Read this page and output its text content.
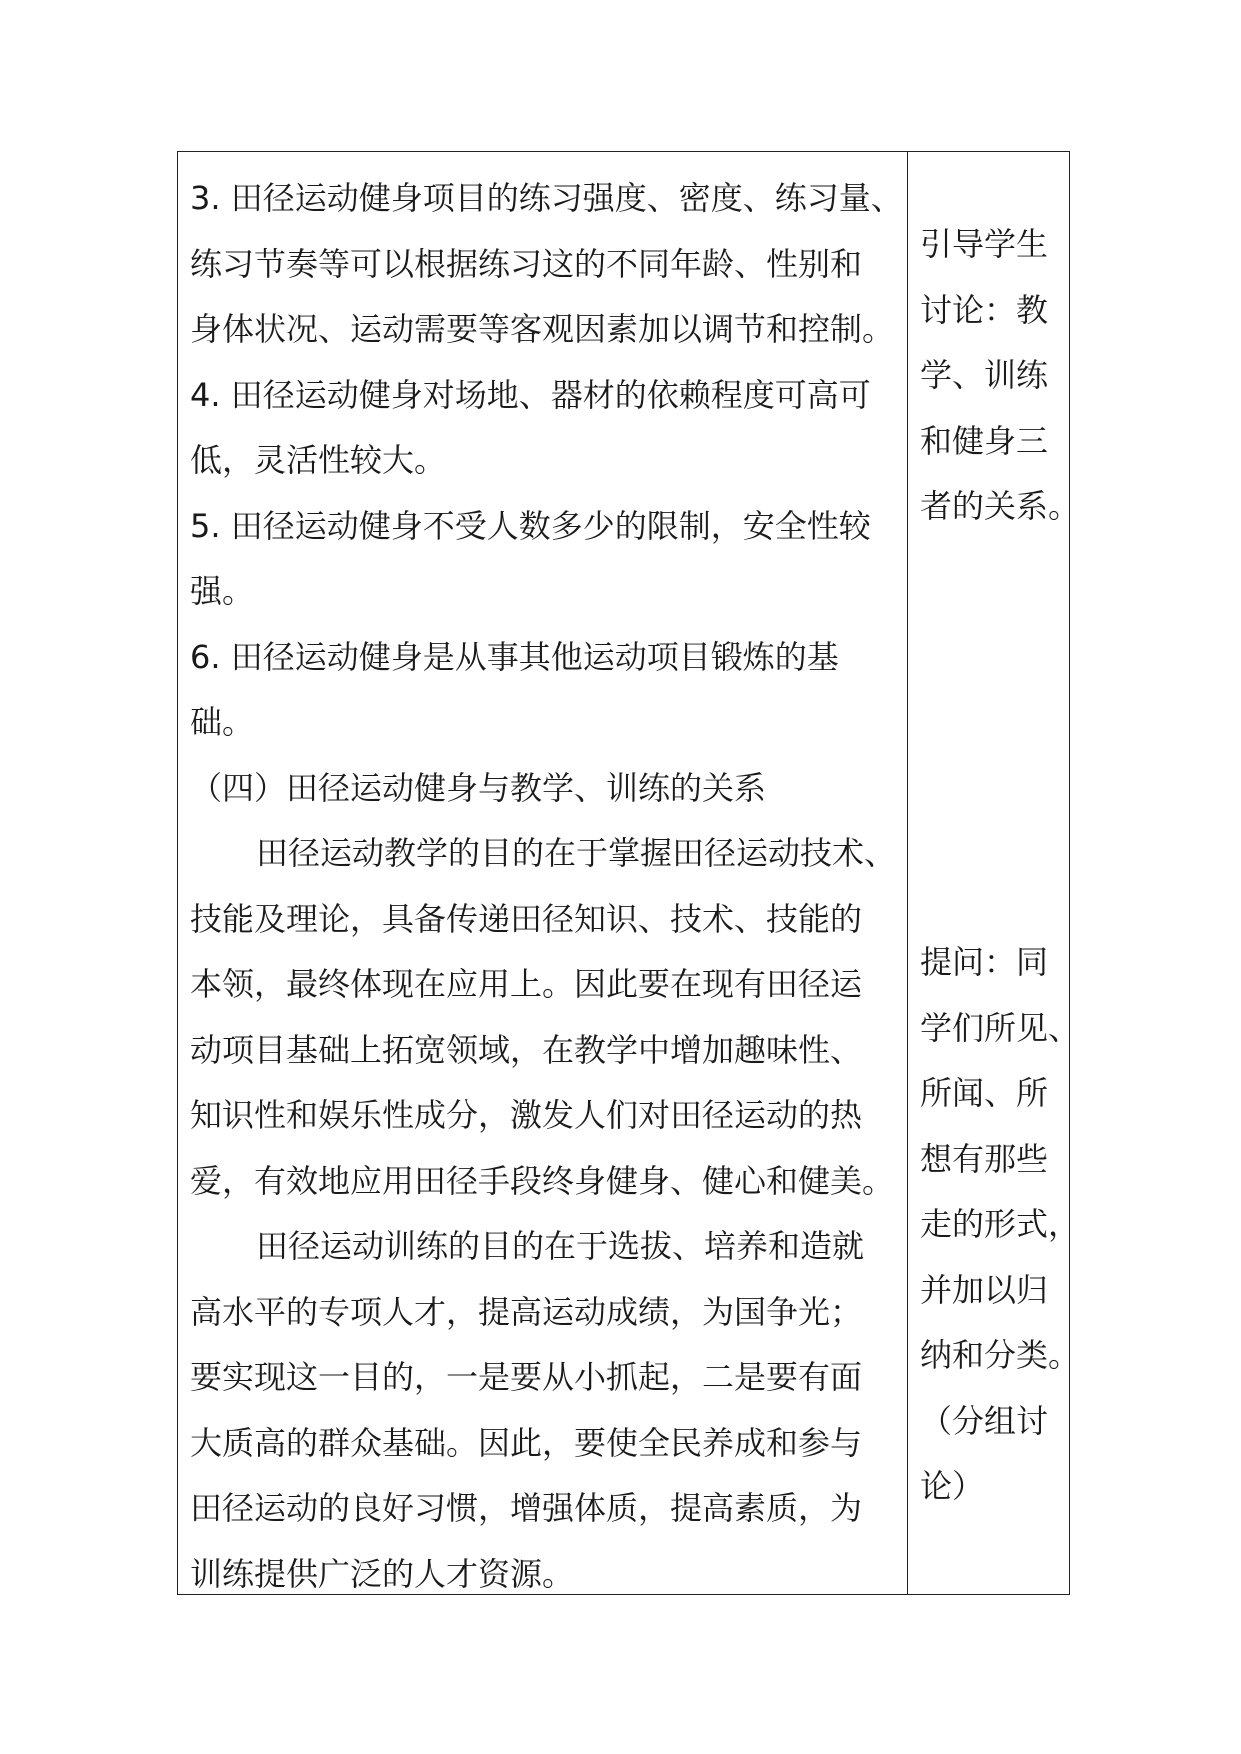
3. 田径运动健身项目的练习强度、密度、练习量、
练习节奏等可以根据练习这的不同年龄、性别和
身体状况、运动需要等客观因素加以调节和控制。
4. 田径运动健身对场地、器材的依赖程度可高可
低，灵活性较大。
5. 田径运动健身不受人数多少的限制，安全性较
强。
6. 田径运动健身是从事其他运动项目锻炼的基
础。
（四）田径运动健身与教学、训练的关系
田径运动教学的目的在于掌握田径运动技术、
技能及理论，具备传递田径知识、技术、技能的
本领，最终体现在应用上。因此要在现有田径运
动项目基础上拓宽领域，在教学中增加趣味性、
知识性和娱乐性成分，激发人们对田径运动的热
爱，有效地应用田径手段终身健身、健心和健美。
田径运动训练的目的在于选拔、培养和造就
高水平的专项人才，提高运动成绩，为国争光；
要实现这一目的，一是要从小抓起，二是要有面
大质高的群众基础。因此，要使全民养成和参与
田径运动的良好习惯，增强体质，提高素质，为
训练提供广泛的人才资源。
引导学生
讨论：教
学、训练
和健身三
者的关系。
提问：同
学们所见、
所闻、所
想有那些
走的形式，
并加以归
纳和分类。
（分组讨
论）
